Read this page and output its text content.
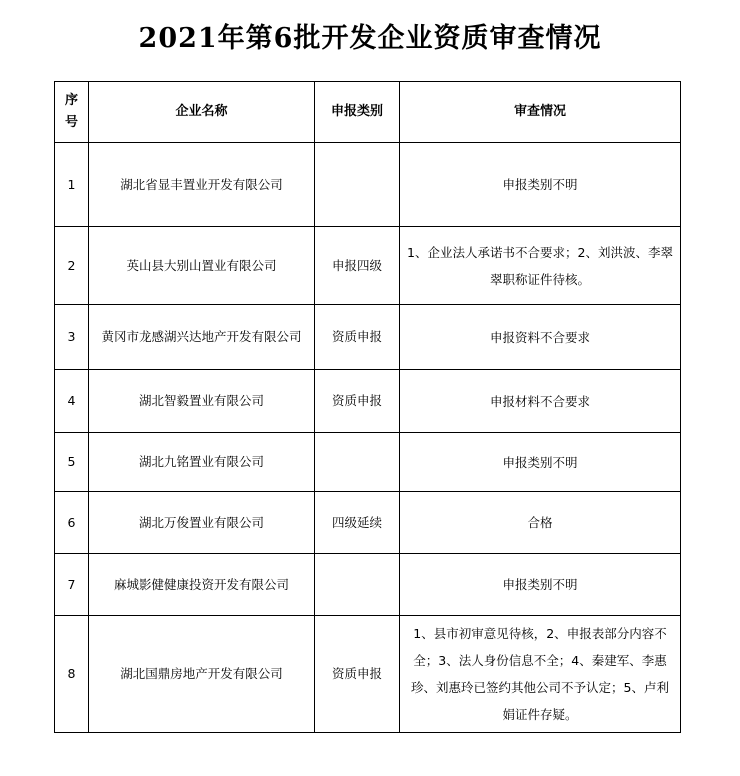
2021年第6批开发企业资质审查情况
序号	企业名称	申报类别	审查情况
1	湖北省显丰置业开发有限公司		申报类别不明
2	英山县大别山置业有限公司	申报四级	1、企业法人承诺书不合要求；2、刘洪波、李翠翠职称证件待核。
3	黄冈市龙感湖兴达地产开发有限公司	资质申报	申报资料不合要求
4	湖北智毅置业有限公司	资质申报	申报材料不合要求
5	湖北九铭置业有限公司		申报类别不明
6	湖北万俊置业有限公司	四级延续	合格
7	麻城影健健康投资开发有限公司		申报类别不明
8	湖北国鼎房地产开发有限公司	资质申报	1、县市初审意见待核，2、申报表部分内容不全；3、法人身份信息不全；4、秦建军、李惠珍、刘惠玲已签约其他公司不予认定；5、卢利娟证件存疑。
